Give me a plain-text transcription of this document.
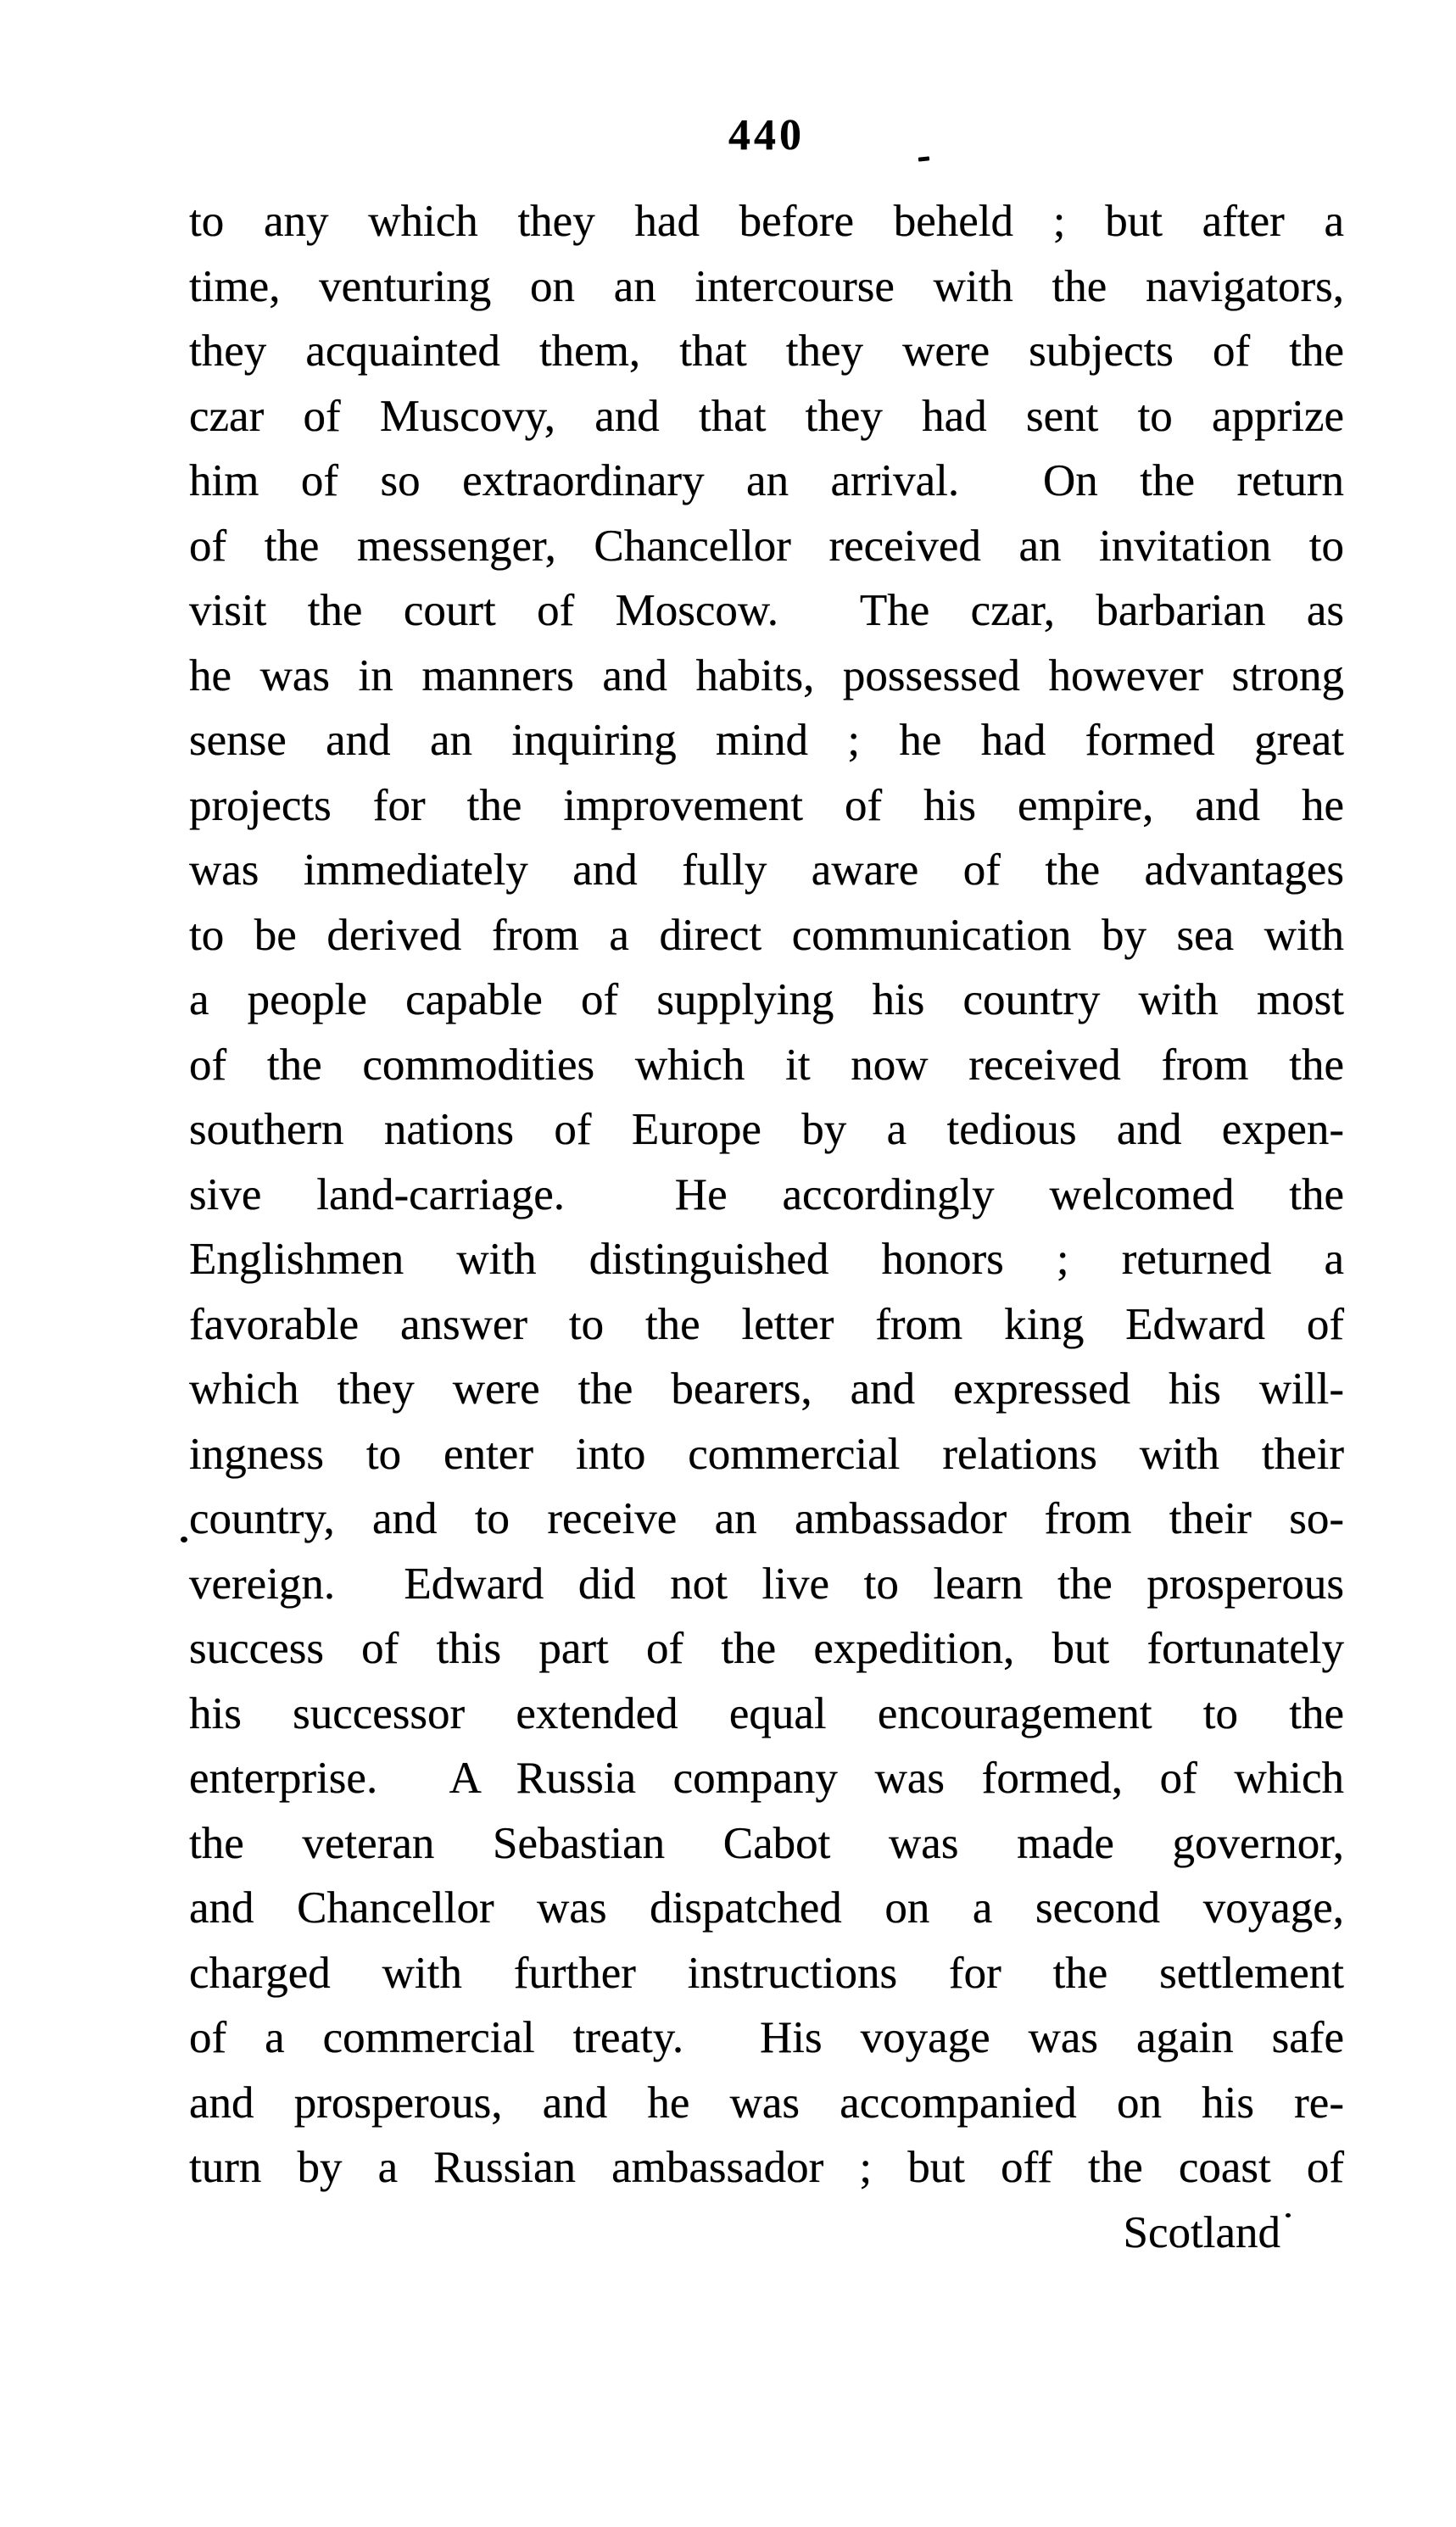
440
to any which they had before beheld ; but after a
time, venturing on an intercourse with the navigators,
they acquainted them, that they were subjects of the
czar of Muscovy, and that they had sent to apprize
him of so extraordinary an arrival.  On the return
of the messenger, Chancellor received an invitation to
visit the court of Moscow.  The czar, barbarian as
he was in manners and habits, possessed however strong
sense and an inquiring mind ; he had formed great
projects for the improvement of his empire, and he
was immediately and fully aware of the advantages
to be derived from a direct communication by sea with
a people capable of supplying his country with most
of the commodities which it now received from the
southern nations of Europe by a tedious and expen-
sive land-carriage.  He accordingly welcomed the
Englishmen with distinguished honors ; returned a
favorable answer to the letter from king Edward of
which they were the bearers, and expressed his will-
ingness to enter into commercial relations with their
country, and to receive an ambassador from their so-
vereign.  Edward did not live to learn the prosperous
success of this part of the expedition, but fortunately
his successor extended equal encouragement to the
enterprise.  A Russia company was formed, of which
the veteran Sebastian Cabot was made governor,
and Chancellor was dispatched on a second voyage,
charged with further instructions for the settlement
of a commercial treaty.  His voyage was again safe
and prosperous, and he was accompanied on his re-
turn by a Russian ambassador ; but off the coast of
Scotland
